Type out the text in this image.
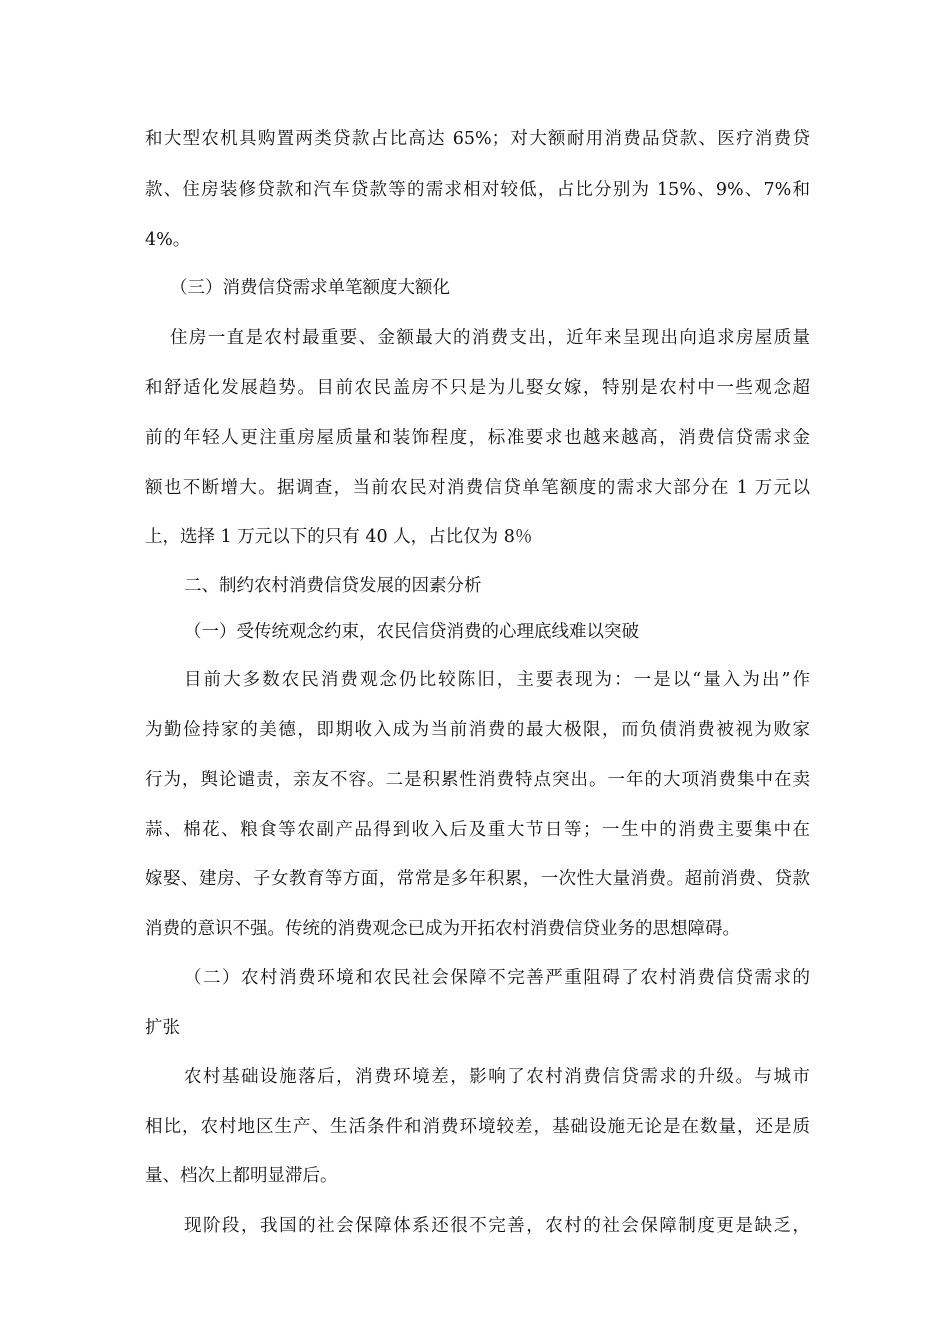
和大型农机具购置两类贷款占比高达 65%；对大额耐用消费品贷款、医疗消费贷
款、住房装修贷款和汽车贷款等的需求相对较低，占比分别为 15%、9%、7%和
4%。
（三）消费信贷需求单笔额度大额化
住房一直是农村最重要、金额最大的消费支出，近年来呈现出向追求房屋质量
和舒适化发展趋势。目前农民盖房不只是为儿娶女嫁，特别是农村中一些观念超
前的年轻人更注重房屋质量和装饰程度，标准要求也越来越高，消费信贷需求金
额也不断增大。据调查，当前农民对消费信贷单笔额度的需求大部分在 1 万元以
上，选择 1 万元以下的只有 40 人，占比仅为 8％
二、制约农村消费信贷发展的因素分析
（一）受传统观念约束，农民信贷消费的心理底线难以突破
目前大多数农民消费观念仍比较陈旧，主要表现为：一是以“量入为出”作
为勤俭持家的美德，即期收入成为当前消费的最大极限，而负债消费被视为败家
行为，舆论谴责，亲友不容。二是积累性消费特点突出。一年的大项消费集中在卖
蒜、棉花、粮食等农副产品得到收入后及重大节日等；一生中的消费主要集中在
嫁娶、建房、子女教育等方面，常常是多年积累，一次性大量消费。超前消费、贷款
消费的意识不强。传统的消费观念已成为开拓农村消费信贷业务的思想障碍。
（二）农村消费环境和农民社会保障不完善严重阻碍了农村消费信贷需求的
扩张
农村基础设施落后，消费环境差，影响了农村消费信贷需求的升级。与城市
相比，农村地区生产、生活条件和消费环境较差，基础设施无论是在数量，还是质
量、档次上都明显滞后。
现阶段，我国的社会保障体系还很不完善，农村的社会保障制度更是缺乏，
